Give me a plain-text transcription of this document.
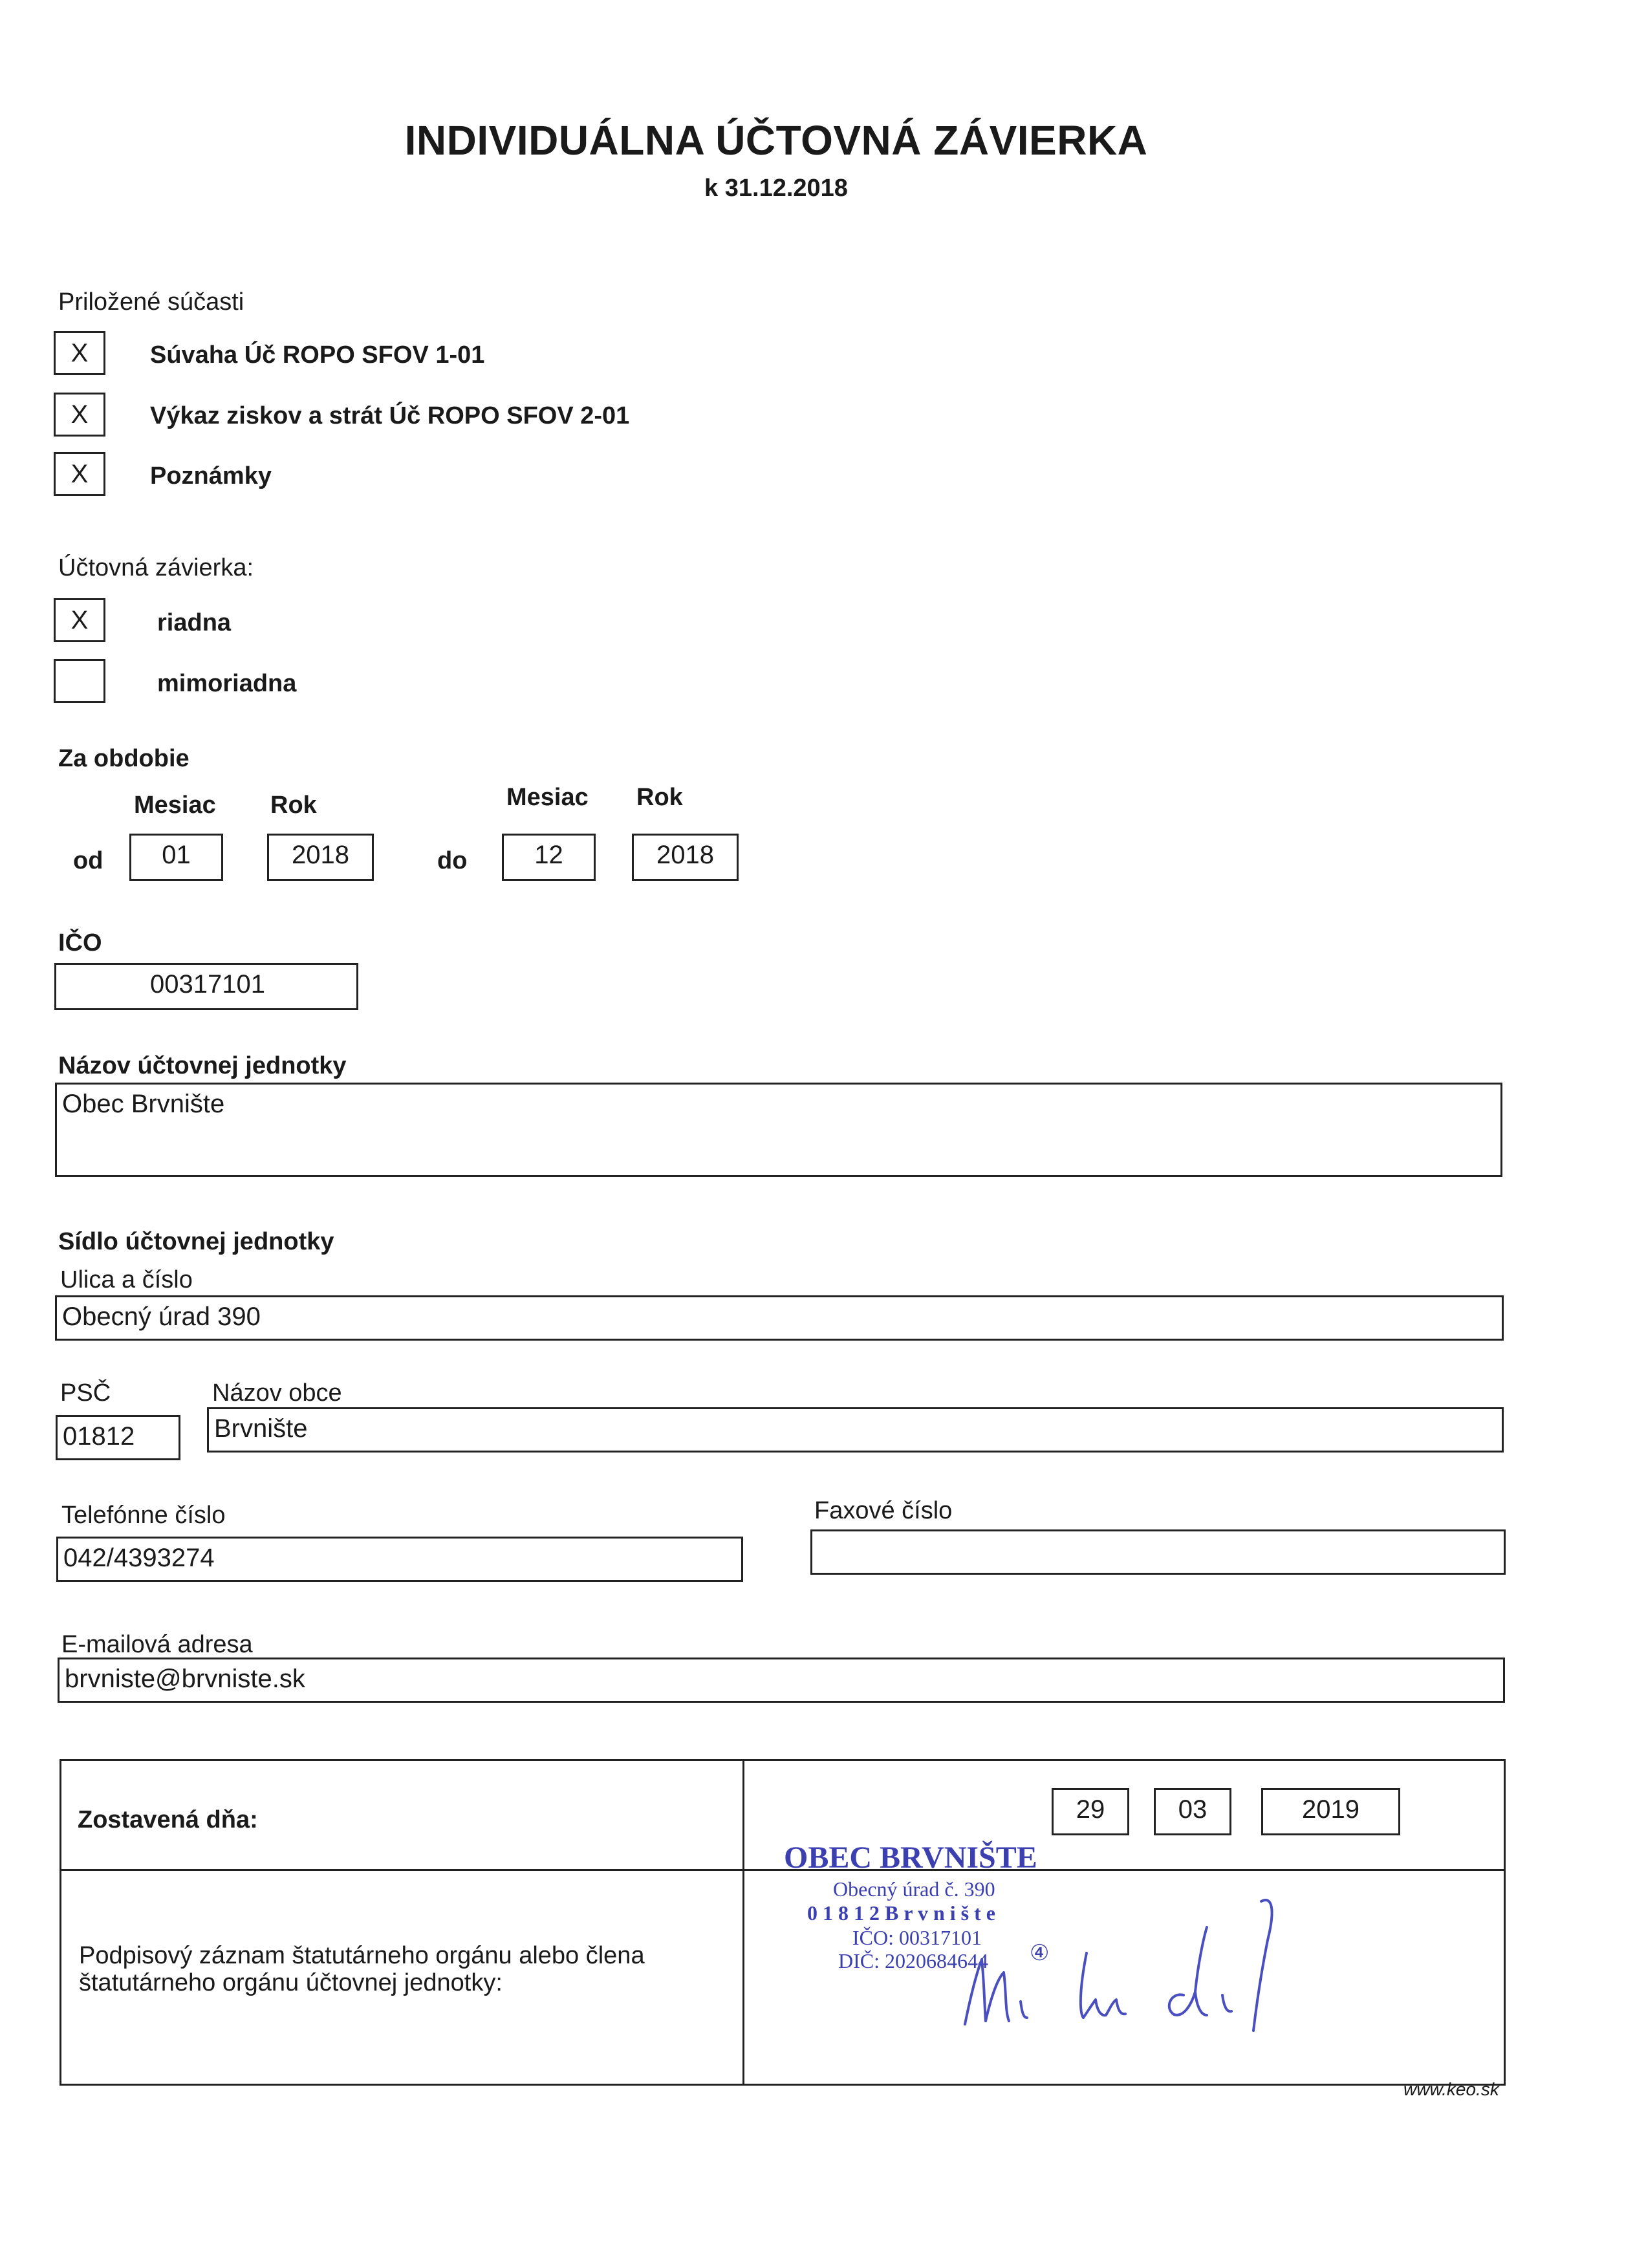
INDIVIDUÁLNA ÚČTOVNÁ ZÁVIERKA
k 31.12.2018
Priložené súčasti
X	Súvaha Úč ROPO SFOV 1-01
X	Výkaz ziskov a strát Úč ROPO SFOV 2-01
X	Poznámky
Účtovná závierka:
X	riadna
mimoriadna
Za obdobie
Mesiac Rok	Mesiac Rok
od	01	2018	do	12	2018
IČO
00317101
Názov účtovnej jednotky
Obec Brvnište
Sídlo účtovnej jednotky
Ulica a číslo
Obecný úrad 390
PSČ	Názov obce
01812	Brvnište
Telefónne číslo	Faxové číslo
042/4393274
E-mailová adresa
brvniste@brvniste.sk
Zostavená dňa:	29	03	2019
Podpisový záznam štatutárneho orgánu alebo člena
štatutárneho orgánu účtovnej jednotky:
OBEC BRVNIŠTE
Obecný úrad č. 390
0 1 8 1 2 B r v n i š t e
IČO: 00317101
DIČ: 2020684644 ④
www.keo.sk
